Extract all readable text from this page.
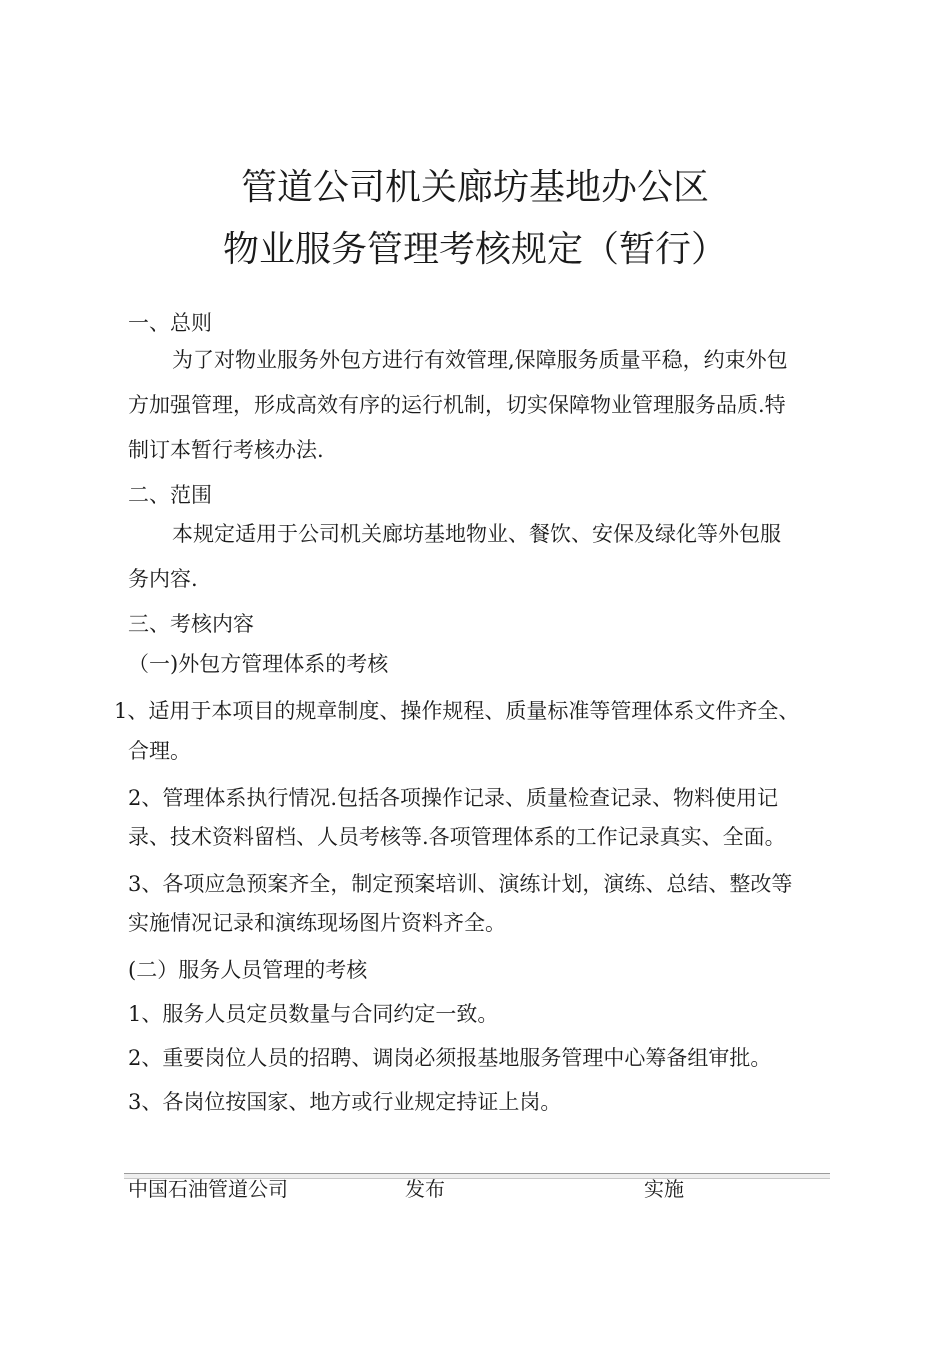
管道公司机关廊坊基地办公区
物业服务管理考核规定（暂行）
一、总则
为了对物业服务外包方进行有效管理,保障服务质量平稳，约束外包
方加强管理，形成高效有序的运行机制，切实保障物业管理服务品质.特
制订本暂行考核办法.
二、范围
本规定适用于公司机关廊坊基地物业、餐饮、安保及绿化等外包服
务内容.
三、考核内容
（一)外包方管理体系的考核
1、适用于本项目的规章制度、操作规程、质量标准等管理体系文件齐全、
合理。
2、管理体系执行情况.包括各项操作记录、质量检查记录、物料使用记
录、技术资料留档、人员考核等.各项管理体系的工作记录真实、全面。
3、各项应急预案齐全，制定预案培训、演练计划，演练、总结、整改等
实施情况记录和演练现场图片资料齐全。
(二）服务人员管理的考核
1、服务人员定员数量与合同约定一致。
2、重要岗位人员的招聘、调岗必须报基地服务管理中心筹备组审批。
3、各岗位按国家、地方或行业规定持证上岗。
中国石油管道公司	发布	实施
